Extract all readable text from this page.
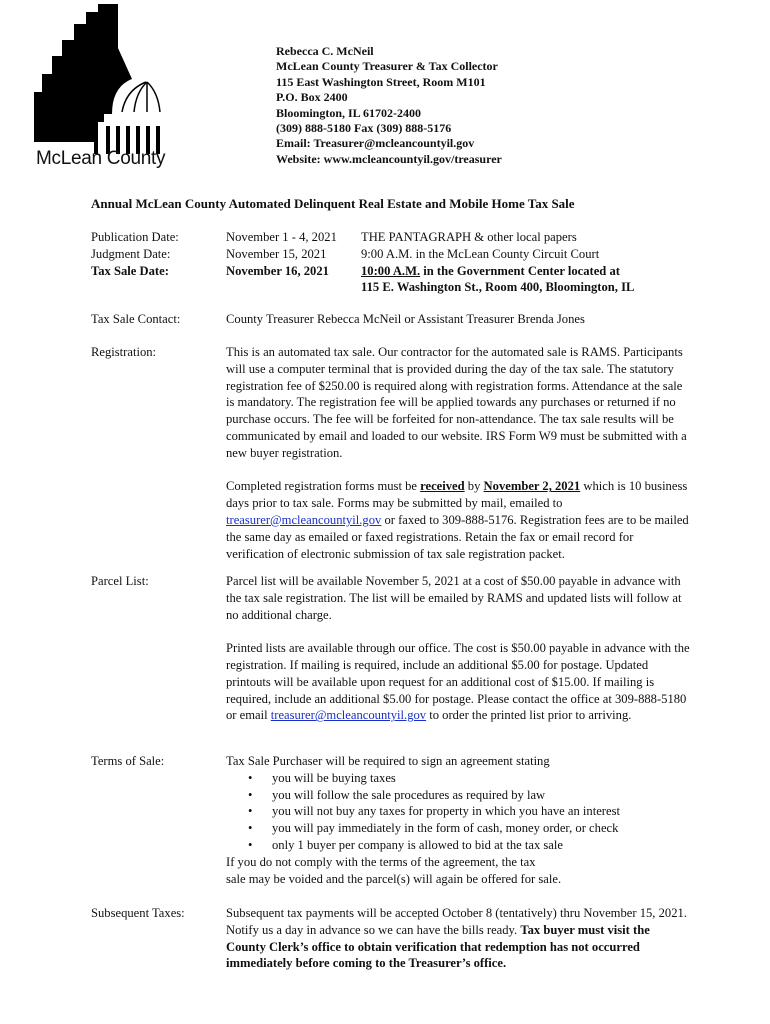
McLean County
Rebecca C. McNeil
McLean County Treasurer & Tax Collector
115 East Washington Street, Room M101
P.O. Box 2400
Bloomington, IL 61702-2400
(309) 888-5180 Fax (309) 888-5176
Email: Treasurer@mcleancountyil.gov
Website: www.mcleancountyil.gov/treasurer
Annual McLean County Automated Delinquent Real Estate and Mobile Home Tax Sale
Publication Date:	November 1 - 4, 2021	THE PANTAGRAPH & other local papers
Judgment Date:	November 15, 2021	9:00 A.M. in the McLean County Circuit Court
Tax Sale Date:	November 16, 2021	10:00 A.M. in the Government Center located at
115 E. Washington St., Room 400, Bloomington, IL
Tax Sale Contact:	County Treasurer Rebecca McNeil or Assistant Treasurer Brenda Jones
Registration:	This is an automated tax sale. Our contractor for the automated sale is RAMS. Participants will use a computer terminal that is provided during the day of the tax sale. The statutory registration fee of $250.00 is required along with registration forms. Attendance at the sale is mandatory. The registration fee will be applied towards any purchases or returned if no purchase occurs. The fee will be forfeited for non-attendance. The tax sale results will be communicated by email and loaded to our website. IRS Form W9 must be submitted with a new buyer registration.

Completed registration forms must be received by November 2, 2021 which is 10 business days prior to tax sale. Forms may be submitted by mail, emailed to treasurer@mcleancountyil.gov or faxed to 309-888-5176. Registration fees are to be mailed the same day as emailed or faxed registrations. Retain the fax or email record for verification of electronic submission of tax sale registration packet.

Parcel List:	Parcel list will be available November 5, 2021 at a cost of $50.00 payable in advance with the tax sale registration. The list will be emailed by RAMS and updated lists will follow at no additional charge.

Printed lists are available through our office. The cost is $50.00 payable in advance with the registration. If mailing is required, include an additional $5.00 for postage. Updated printouts will be available upon request for an additional cost of $15.00. If mailing is required, include an additional $5.00 for postage. Please contact the office at 309-888-5180 or email treasurer@mcleancountyil.gov to order the printed list prior to arriving.

Terms of Sale:	Tax Sale Purchaser will be required to sign an agreement stating

• you will be buying taxes
• you will follow the sale procedures as required by law
• you will not buy any taxes for property in which you have an interest
• you will pay immediately in the form of cash, money order, or check
• only 1 buyer per company is allowed to bid at the tax sale

If you do not comply with the terms of the agreement, the tax

sale may be voided and the parcel(s) will again be offered for sale.

Subsequent Taxes:	Subsequent tax payments will be accepted October 8 (tentatively) thru November 15, 2021. Notify us a day in advance so we can have the bills ready. Tax buyer must visit the County Clerk’s office to obtain verification that redemption has not occurred immediately before coming to the Treasurer’s office.
